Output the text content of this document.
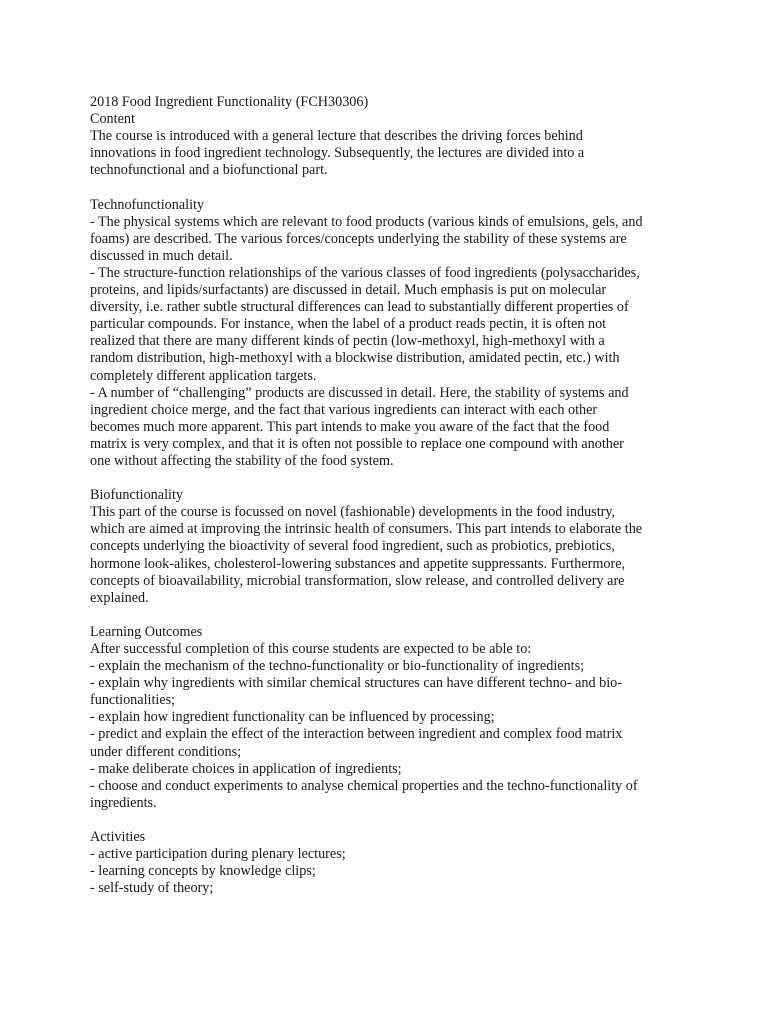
2018 Food Ingredient Functionality (FCH30306)
Content
The course is introduced with a general lecture that describes the driving forces behind
innovations in food ingredient technology. Subsequently, the lectures are divided into a
technofunctional and a biofunctional part.
Technofunctionality
- The physical systems which are relevant to food products (various kinds of emulsions, gels, and
foams) are described. The various forces/concepts underlying the stability of these systems are
discussed in much detail.
- The structure-function relationships of the various classes of food ingredients (polysaccharides,
proteins, and lipids/surfactants) are discussed in detail. Much emphasis is put on molecular
diversity, i.e. rather subtle structural differences can lead to substantially different properties of
particular compounds. For instance, when the label of a product reads pectin, it is often not
realized that there are many different kinds of pectin (low-methoxyl, high-methoxyl with a
random distribution, high-methoxyl with a blockwise distribution, amidated pectin, etc.) with
completely different application targets.
- A number of “challenging” products are discussed in detail. Here, the stability of systems and
ingredient choice merge, and the fact that various ingredients can interact with each other
becomes much more apparent. This part intends to make you aware of the fact that the food
matrix is very complex, and that it is often not possible to replace one compound with another
one without affecting the stability of the food system.
Biofunctionality
This part of the course is focussed on novel (fashionable) developments in the food industry,
which are aimed at improving the intrinsic health of consumers. This part intends to elaborate the
concepts underlying the bioactivity of several food ingredient, such as probiotics, prebiotics,
hormone look-alikes, cholesterol-lowering substances and appetite suppressants. Furthermore,
concepts of bioavailability, microbial transformation, slow release, and controlled delivery are
explained.
Learning Outcomes
After successful completion of this course students are expected to be able to:
- explain the mechanism of the techno-functionality or bio-functionality of ingredients;
- explain why ingredients with similar chemical structures can have different techno- and bio-
functionalities;
- explain how ingredient functionality can be influenced by processing;
- predict and explain the effect of the interaction between ingredient and complex food matrix
under different conditions;
- make deliberate choices in application of ingredients;
- choose and conduct experiments to analyse chemical properties and the techno-functionality of
ingredients.
Activities
- active participation during plenary lectures;
- learning concepts by knowledge clips;
- self-study of theory;
